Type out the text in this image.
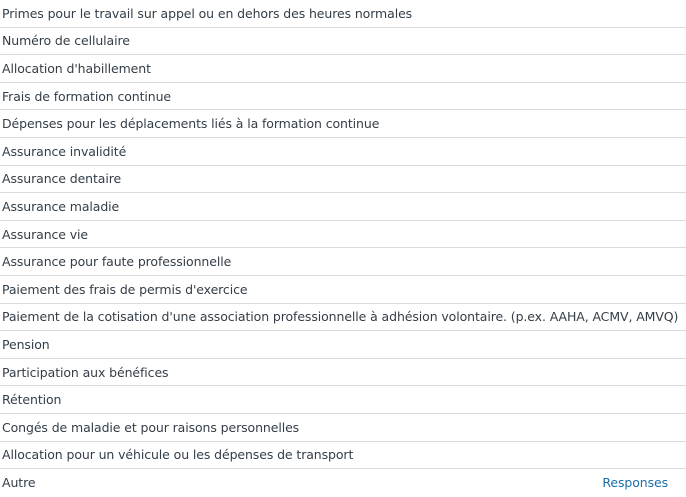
Primes pour le travail sur appel ou en dehors des heures normales
Numéro de cellulaire
Allocation d'habillement
Frais de formation continue
Dépenses pour les déplacements liés à la formation continue
Assurance invalidité
Assurance dentaire
Assurance maladie
Assurance vie
Assurance pour faute professionnelle
Paiement des frais de permis d'exercice
Paiement de la cotisation d'une association professionnelle à adhésion volontaire. (p.ex. AAHA, ACMV, AMVQ)
Pension
Participation aux bénéfices
Rétention
Congés de maladie et pour raisons personnelles
Allocation pour un véhicule ou les dépenses de transport
Autre	Responses
